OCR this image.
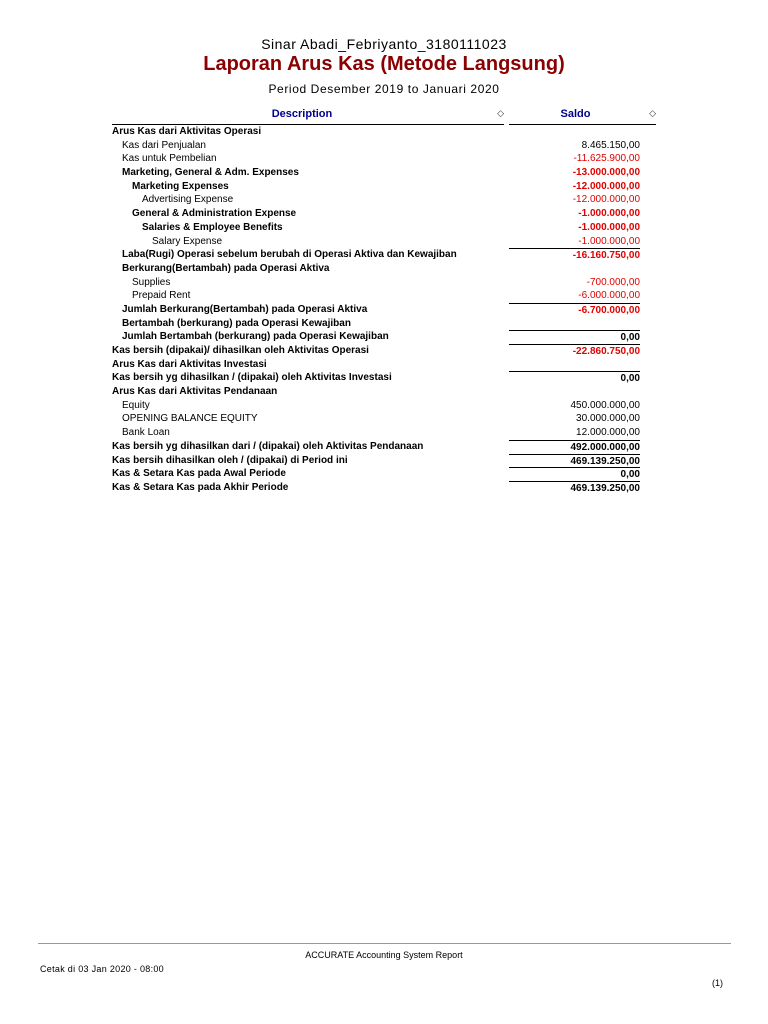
Sinar Abadi_Febriyanto_3180111023
Laporan Arus Kas (Metode Langsung)
Period Desember 2019 to Januari 2020
Description	◇	Saldo	◇
Arus Kas dari Aktivitas Operasi
Kas dari Penjualan	8.465.150,00
Kas untuk Pembelian	-11.625.900,00
Marketing, General & Adm. Expenses	-13.000.000,00
Marketing Expenses	-12.000.000,00
Advertising Expense	-12.000.000,00
General & Administration Expense	-1.000.000,00
Salaries & Employee Benefits	-1.000.000,00
Salary Expense	-1.000.000,00
Laba(Rugi) Operasi sebelum berubah di Operasi Aktiva dan Kewajiban	-16.160.750,00
Berkurang(Bertambah) pada Operasi Aktiva
Supplies	-700.000,00
Prepaid Rent	-6.000.000,00
Jumlah Berkurang(Bertambah) pada Operasi Aktiva	-6.700.000,00
Bertambah (berkurang) pada Operasi Kewajiban
Jumlah Bertambah (berkurang) pada Operasi Kewajiban	0,00
Kas bersih (dipakai)/ dihasilkan oleh Aktivitas Operasi	-22.860.750,00
Arus Kas dari Aktivitas Investasi
Kas bersih yg dihasilkan / (dipakai) oleh Aktivitas Investasi	0,00
Arus Kas dari Aktivitas Pendanaan
Equity	450.000.000,00
OPENING BALANCE EQUITY	30.000.000,00
Bank Loan	12.000.000,00
Kas bersih yg dihasilkan dari / (dipakai) oleh Aktivitas Pendanaan	492.000.000,00
Kas bersih dihasilkan oleh / (dipakai) di Period ini	469.139.250,00
Kas & Setara Kas pada Awal Periode	0,00
Kas & Setara Kas pada Akhir Periode	469.139.250,00
ACCURATE Accounting System Report
Cetak di 03 Jan 2020 - 08:00
(1)
